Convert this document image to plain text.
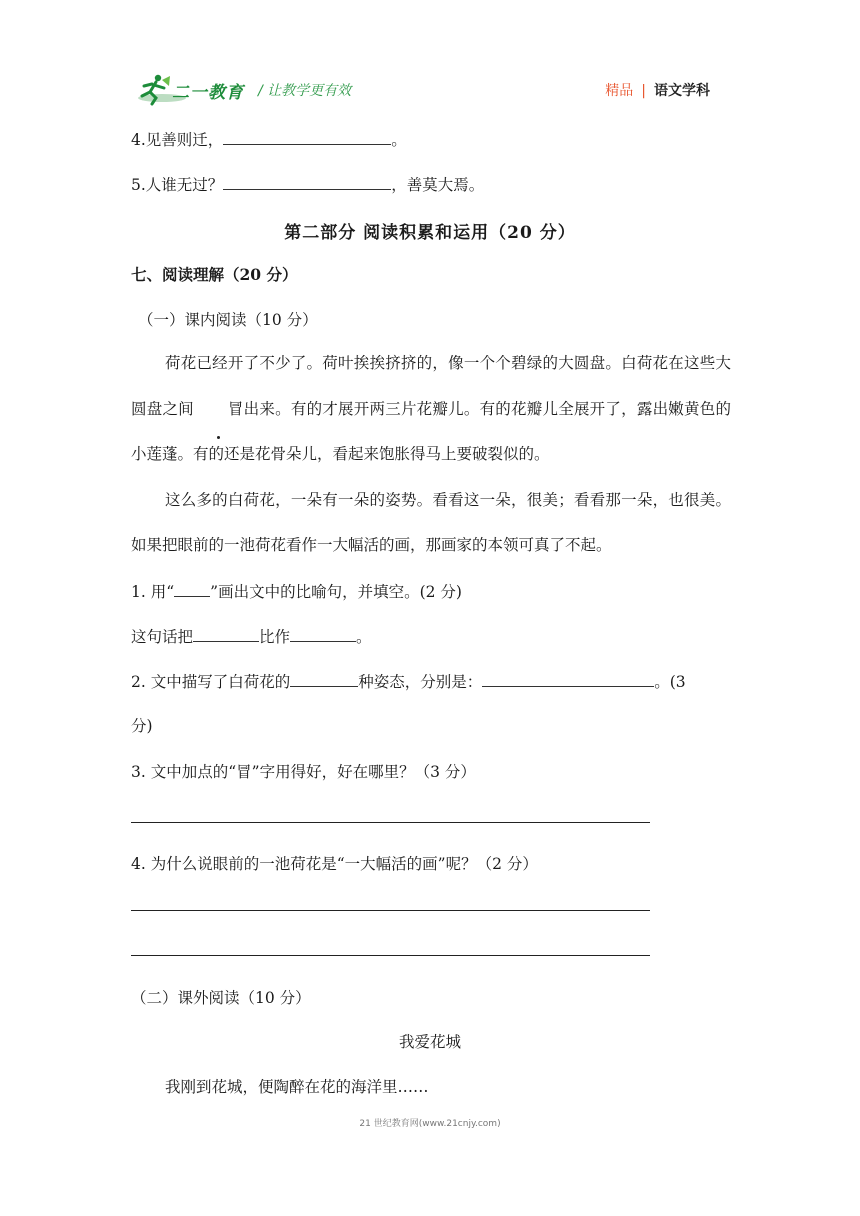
二一教育 / 让教学更有效	精品 | 语文学科
4.见善则迁，	。
5.人谁无过？	，善莫大焉。
第二部分 阅读积累和运用（20 分）
七、阅读理解（20 分）
（一）课内阅读（10 分）

荷花已经开了不少了。荷叶挨挨挤挤的，像一个个碧绿的大圆盘。白荷花在这些大圆盘之间 冒出来。有的才展开两三片花瓣儿。有的花瓣儿全展开了，露出嫩黄色的小莲蓬。有的还是花骨朵儿，看起来饱胀得马上要破裂似的。

这么多的白荷花，一朵有一朵的姿势。看看这一朵，很美；看看那一朵，也很美。如果把眼前的一池荷花看作一大幅活的画，那画家的本领可真了不起。

1. 用“ ”画出文中的比喻句，并填空。(2 分)
这句话把	比作	。
2. 文中描写了白荷花的	种姿态，分别是：	。(3
分)
3. 文中加点的“冒”字用得好，好在哪里？（3 分）
4. 为什么说眼前的一池荷花是“一大幅活的画”呢？（2 分）
（二）课外阅读（10 分）
我爱花城
我刚到花城，便陶醉在花的海洋里……
21 世纪教育网(www.21cnjy.com)
